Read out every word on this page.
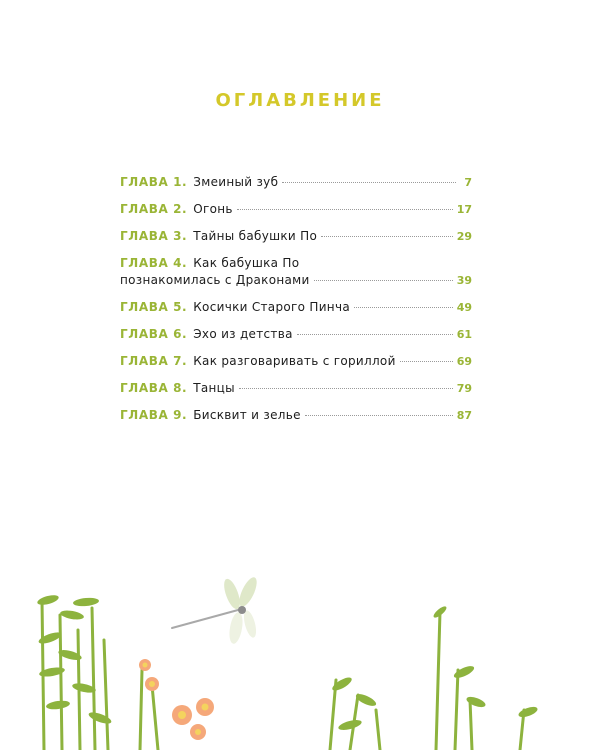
ОГЛАВЛЕНИЕ
ГЛАВА 1. Змеиный зуб	7
ГЛАВА 2. Огонь	17
ГЛАВА 3. Тайны бабушки По	29
ГЛАВА 4. Как бабушка По
познакомилась с Драконами	39
ГЛАВА 5. Косички Старого Пинча	49
ГЛАВА 6. Эхо из детства	61
ГЛАВА 7. Как разговаривать с гориллой	69
ГЛАВА 8. Танцы	79
ГЛАВА 9. Бисквит и зелье	87
